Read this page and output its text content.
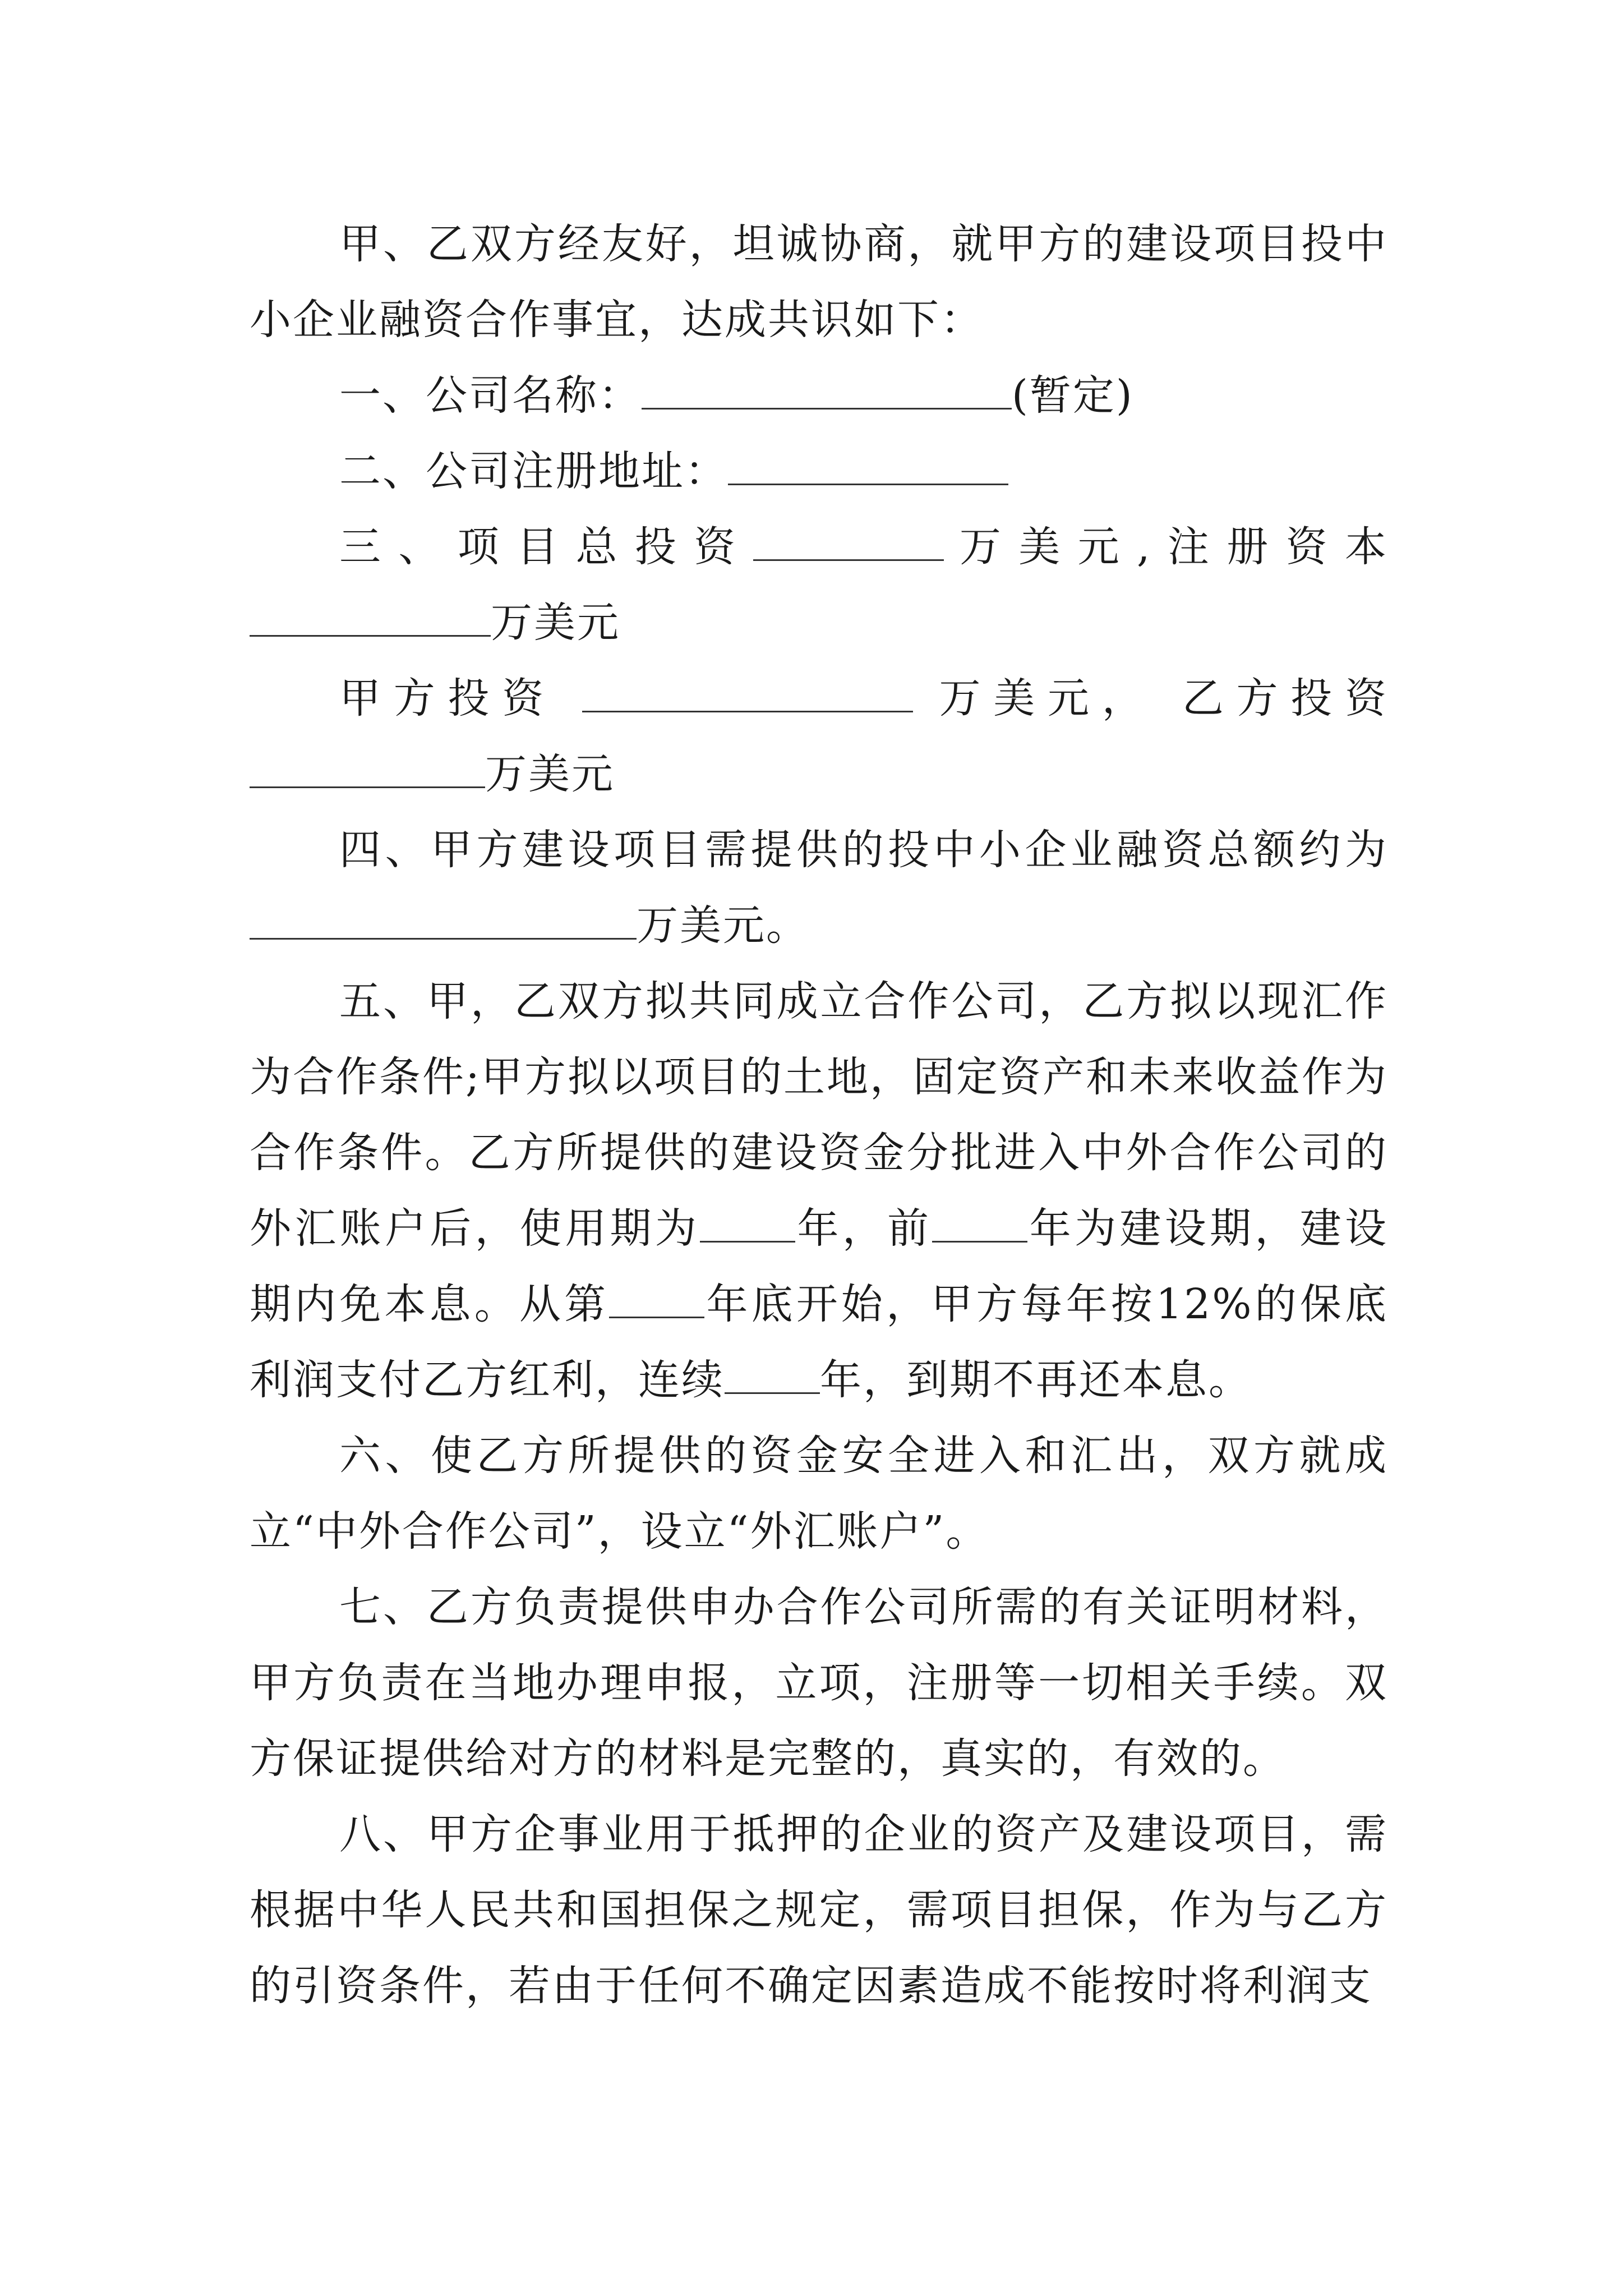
甲、乙双方经友好，坦诚协商，就甲方的建设项目投中小企业融资合作事宜，达成共识如下：

一、公司名称：	(暂定)

二、公司注册地址：

三、项目总投资	万美元,注册资本万美元

甲方投资	万美元， 乙方投资

万美元

四、甲方建设项目需提供的投中小企业融资总额约为万美元。

五、甲，乙双方拟共同成立合作公司，乙方拟以现汇作为合作条件;甲方拟以项目的土地，固定资产和未来收益作为合作条件。乙方所提供的建设资金分批进入中外合作公司的外汇账户后，使用期为 年，前 年为建设期，建设期内免本息。从第 年底开始，甲方每年按12%的保底利润支付乙方红利，连续 年，到期不再还本息。

六、使乙方所提供的资金安全进入和汇出，双方就成立“中外合作公司”，设立“外汇账户”。

七、乙方负责提供申办合作公司所需的有关证明材料，甲方负责在当地办理申报，立项，注册等一切相关手续。双方保证提供给对方的材料是完整的，真实的，有效的。

八、甲方企事业用于抵押的企业的资产及建设项目，需根据中华人民共和国担保之规定，需项目担保，作为与乙方的引资条件，若由于任何不确定因素造成不能按时将利润支
